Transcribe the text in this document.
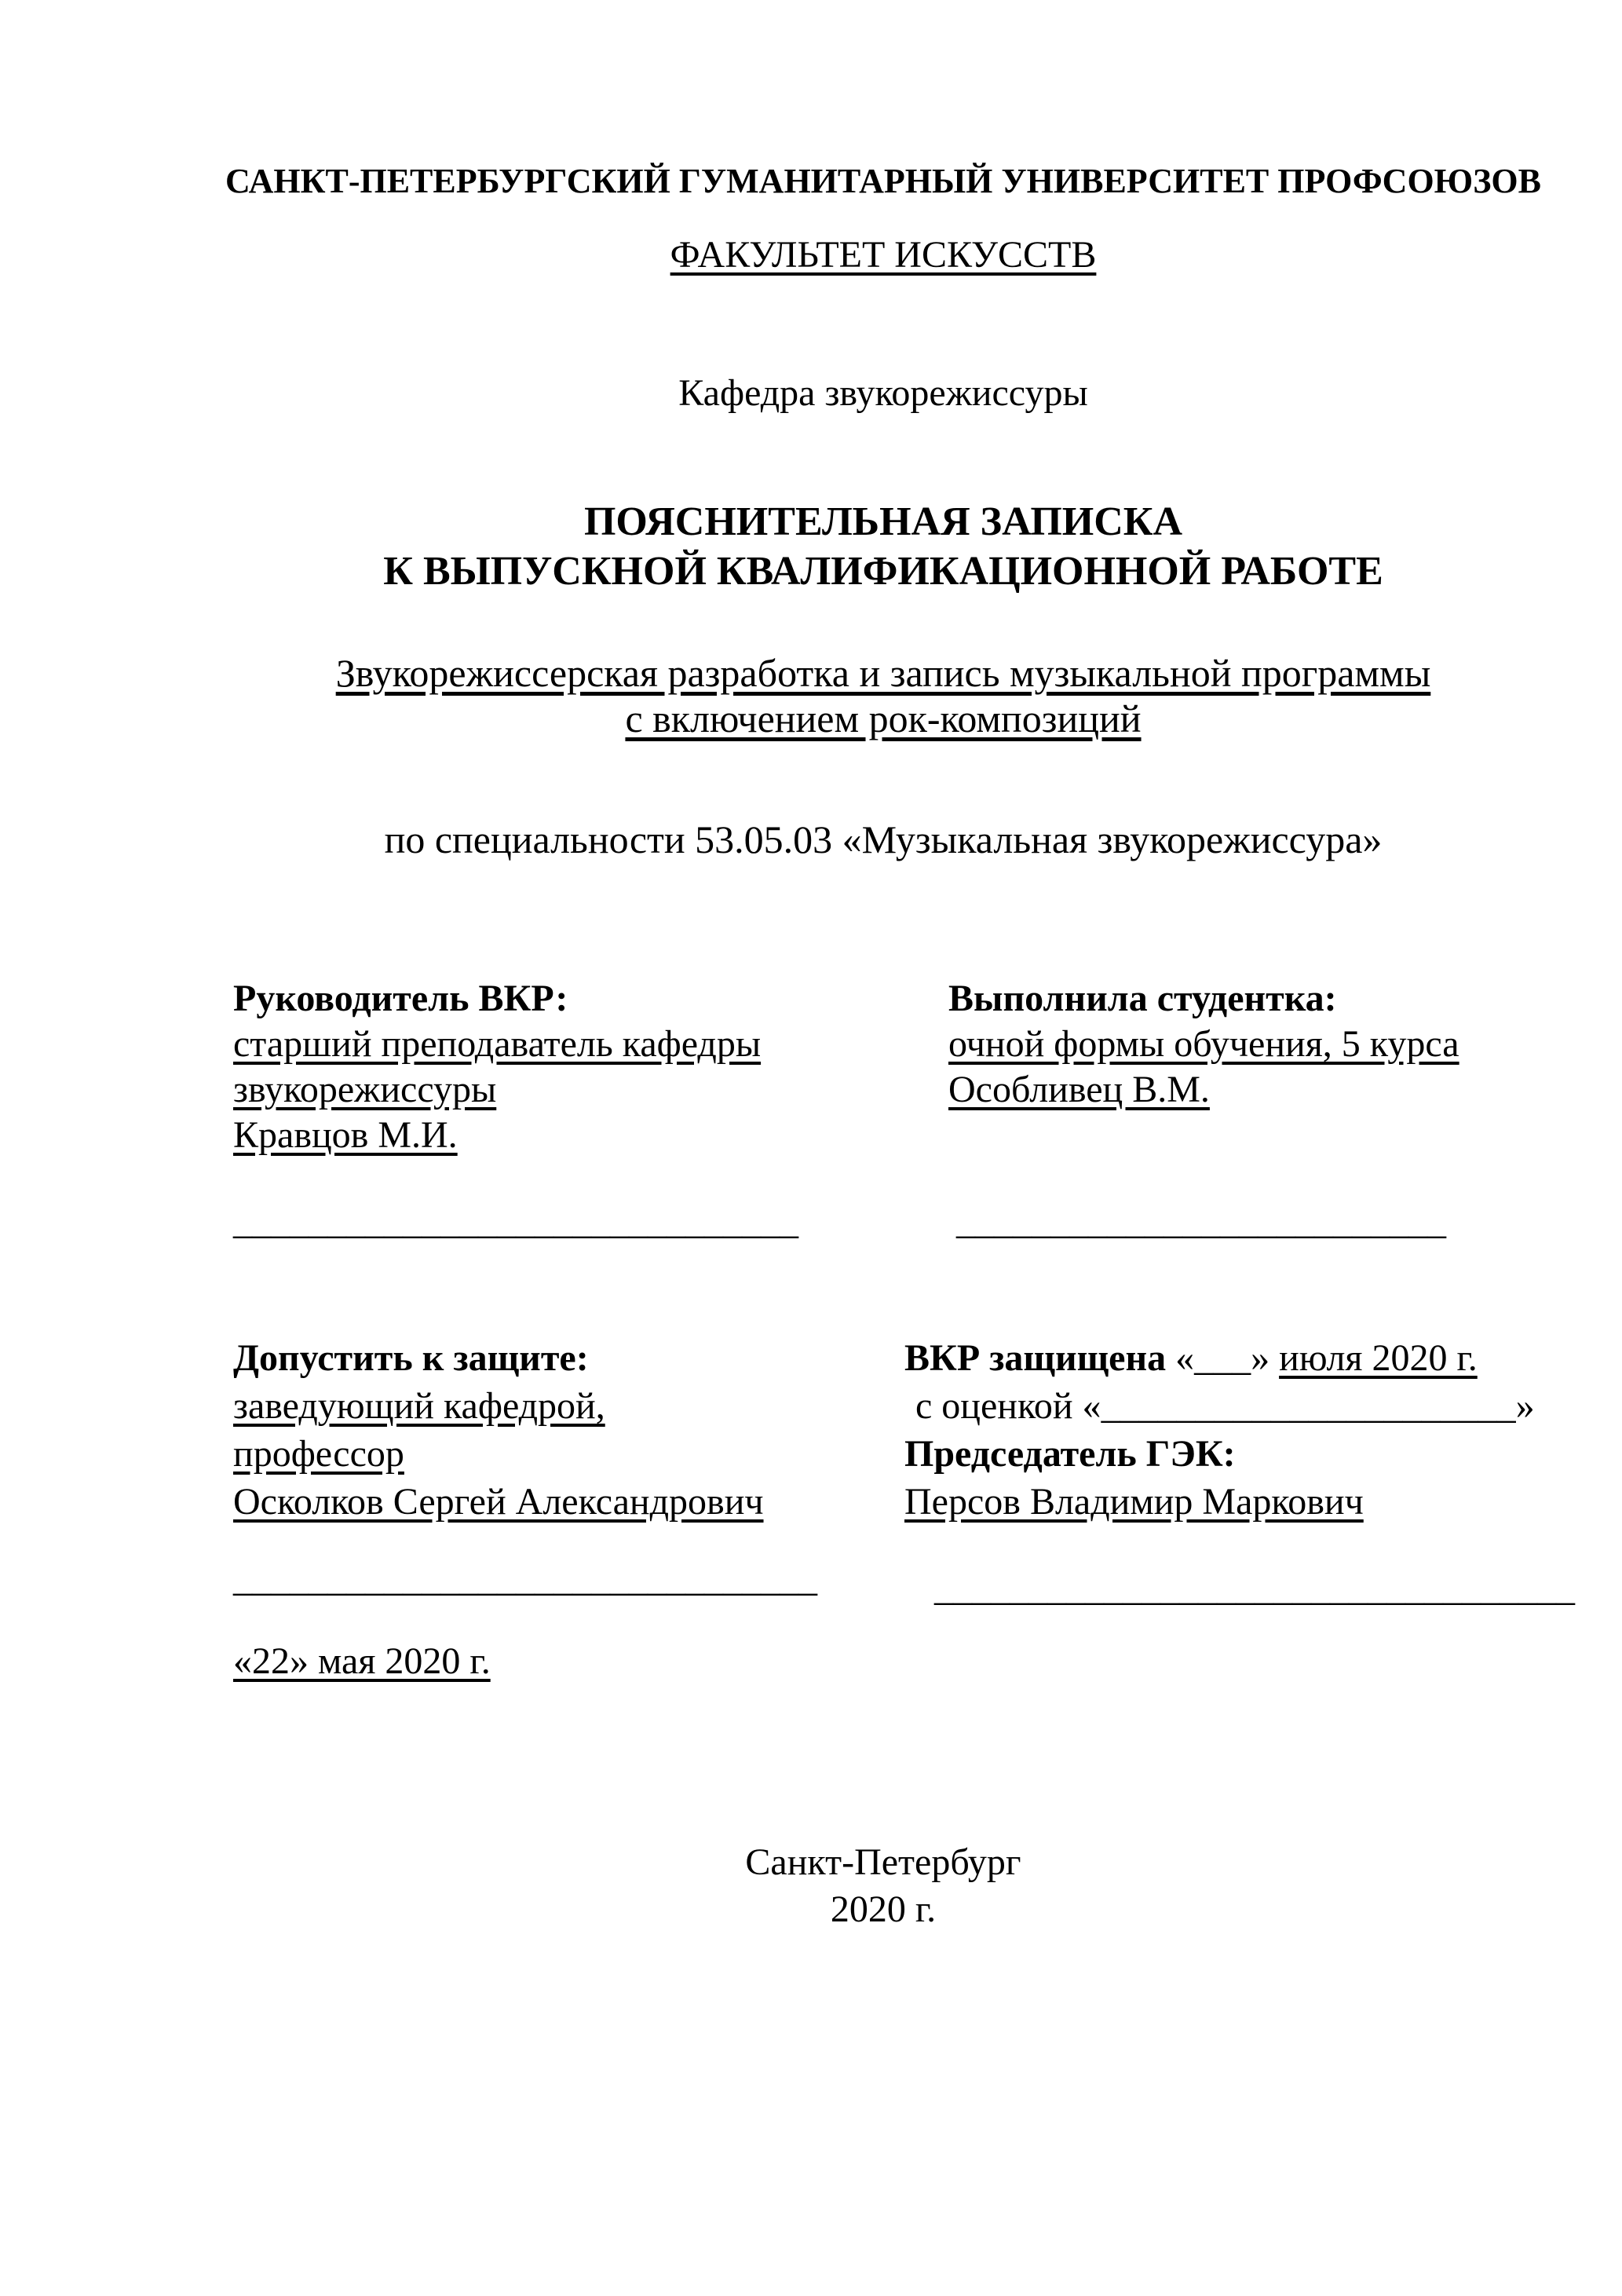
САНКТ-ПЕТЕРБУРГСКИЙ ГУМАНИТАРНЫЙ УНИВЕРСИТЕТ ПРОФСОЮЗОВ
ФАКУЛЬТЕТ ИСКУССТВ
Кафедра звукорежиссуры
ПОЯСНИТЕЛЬНАЯ ЗАПИСКА
К ВЫПУСКНОЙ КВАЛИФИКАЦИОННОЙ РАБОТЕ
Звукорежиссерская разработка и запись музыкальной программы
с включением рок-композиций
по специальности 53.05.03 «Музыкальная звукорежиссура»
Руководитель ВКР:
старший преподаватель кафедры
звукорежиссуры
Кравцов М.И.
Выполнила студентка:
очной формы обучения, 5 курса
Особливец В.М.
______________________________	__________________________
Допустить к защите:
заведующий кафедрой,
профессор
Осколков Сергей Александрович
ВКР защищена «___» июля 2020 г.
с оценкой «______________________»
Председатель ГЭК:
Персов Владимир Маркович
_______________________________	__________________________________
«22» мая 2020 г.
Санкт-Петербург
2020 г.
